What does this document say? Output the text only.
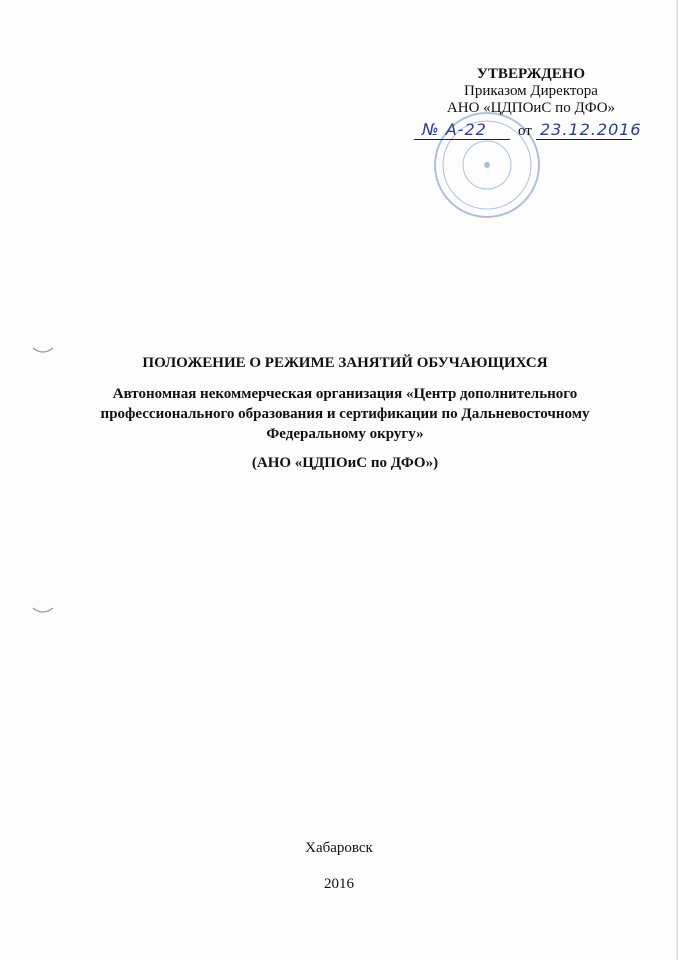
УТВЕРЖДЕНО
Приказом Директора
АНО «ЦДПОиС по ДФО»
№ А-22 от 23.12.2016

ПОЛОЖЕНИЕ О РЕЖИМЕ ЗАНЯТИЙ ОБУЧАЮЩИХСЯ

Автономная некоммерческая организация «Центр дополнительного профессионального образования и сертификации по Дальневосточному Федеральному округу»

(АНО «ЦДПОиС по ДФО»)

Хабаровск
2016
